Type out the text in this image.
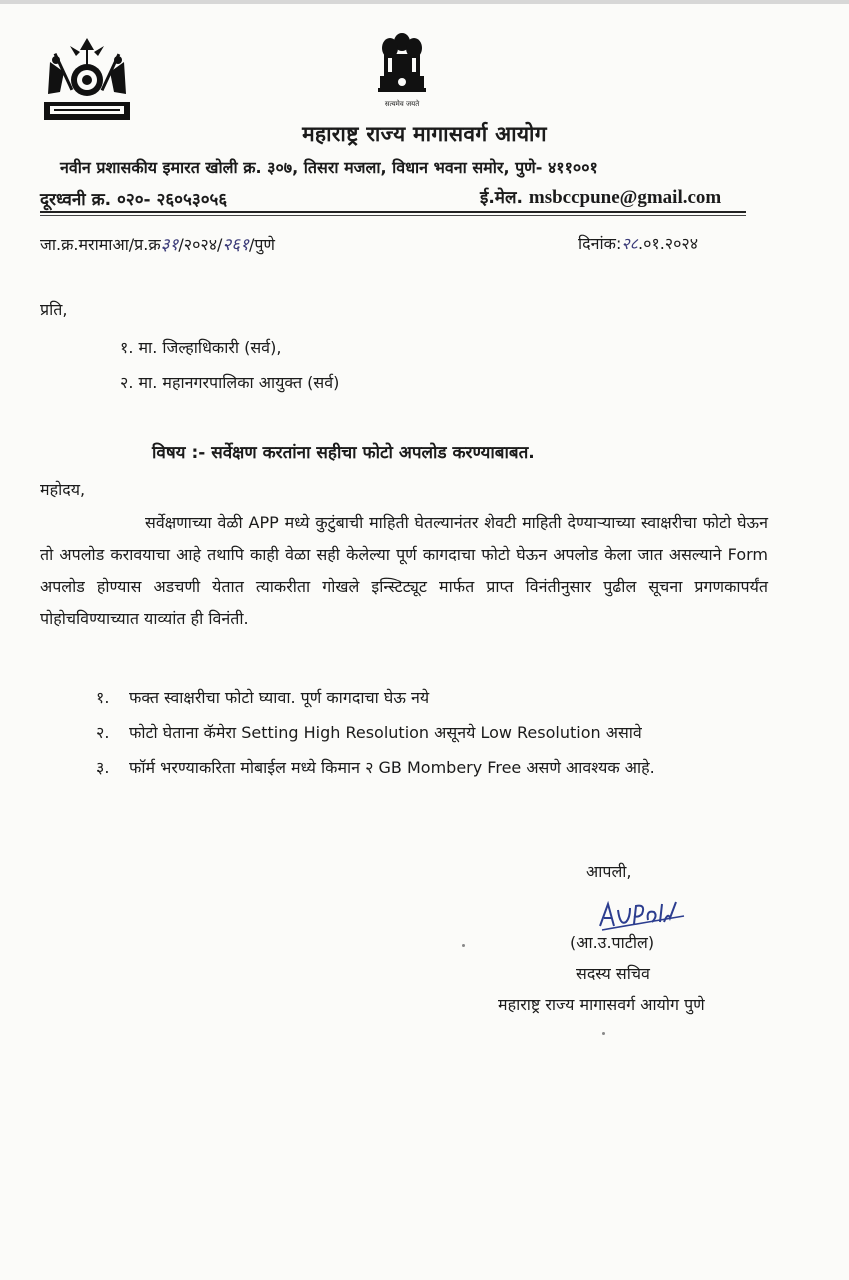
सत्यमेव जयते
महाराष्ट्र राज्य मागासवर्ग आयोग
नवीन प्रशासकीय इमारत खोली क्र. ३०७, तिसरा मजला, विधान भवना समोर, पुणे- ४११००१
दूरध्वनी क्र. ०२०- २६०५३०५६	ई.मेल. msbccpune@gmail.com
जा.क्र.मरामाआ/प्र.क्र३१/२०२४/२६१/पुणे	दिनांक:२८.०१.२०२४
प्रति,
१. मा. जिल्हाधिकारी (सर्व),
२. मा. महानगरपालिका आयुक्त (सर्व)
विषय :- सर्वेक्षण करतांना सहीचा फोटो अपलोड करण्याबाबत.
महोदय,
सर्वेक्षणाच्या वेळी APP मध्ये कुटुंबाची माहिती घेतल्यानंतर शेवटी माहिती देण्याऱ्याच्या स्वाक्षरीचा फोटो घेऊन तो अपलोड करावयाचा आहे तथापि काही वेळा सही केलेल्या पूर्ण कागदाचा फोटो घेऊन अपलोड केला जात असल्याने Form अपलोड होण्यास अडचणी येतात त्याकरीता गोखले इन्स्टिट्यूट मार्फत प्राप्त विनंतीनुसार पुढील सूचना प्रगणकापर्यंत पोहोचविण्याच्यात याव्यांत ही विनंती.
१. फक्त स्वाक्षरीचा फोटो घ्यावा. पूर्ण कागदाचा घेऊ नये
२. फोटो घेताना कॅमेरा Setting High Resolution असूनये Low Resolution असावे
३. फॉर्म भरण्याकरिता मोबाईल मध्ये किमान २ GB Mombery Free असणे आवश्यक आहे.
आपली,
(आ.उ.पाटील)
सदस्य सचिव
महाराष्ट्र राज्य मागासवर्ग आयोग पुणे
